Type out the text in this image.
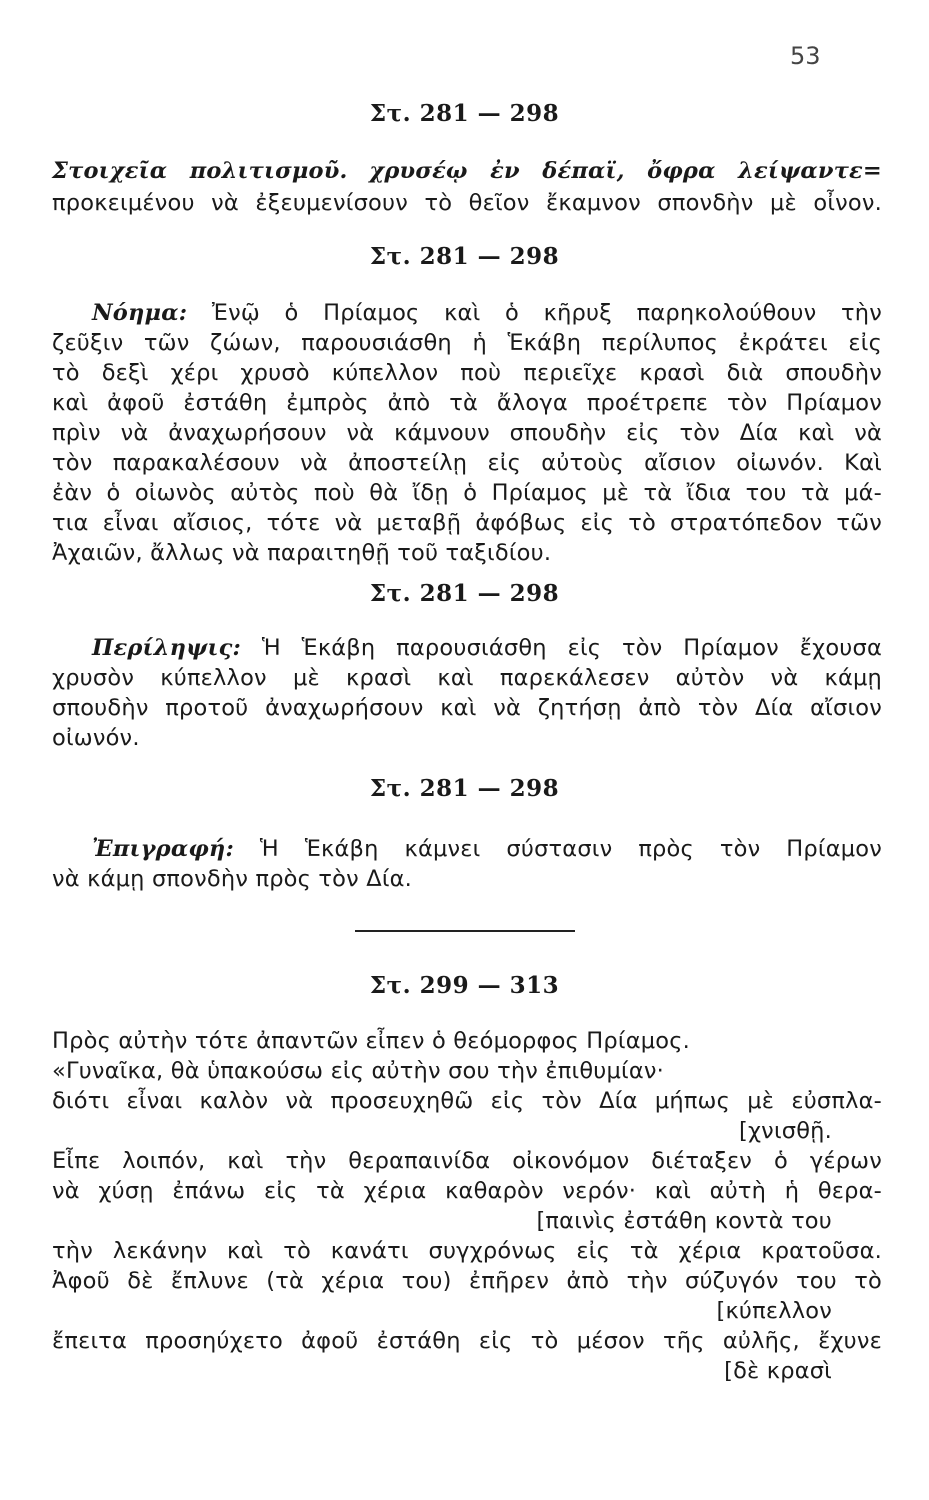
53
Στ. 281 — 298
Στοιχεῖα πολιτισμοῦ. χρυσέῳ ἐν δέπαϊ, ὄφρα λείψαντε=
προκειμένου νὰ ἐξευμενίσουν τὸ θεῖον ἔκαμνον σπονδὴν μὲ οἶνον.
Στ. 281 — 298
Νόημα: Ἐνῷ ὁ Πρίαμος καὶ ὁ κῆρυξ παρηκολούθουν τὴν
ζεῦξιν τῶν ζώων, παρουσιάσθη ἡ Ἑκάβη περίλυπος ἐκράτει εἰς
τὸ δεξὶ χέρι χρυσὸ κύπελλον ποὺ περιεῖχε κρασὶ διὰ σπουδὴν
καὶ ἀφοῦ ἐστάθη ἐμπρὸς ἀπὸ τὰ ἄλογα προέτρεπε τὸν Πρίαμον
πρὶν νὰ ἀναχωρήσουν νὰ κάμνουν σπουδὴν εἰς τὸν Δία καὶ νὰ
τὸν παρακαλέσουν νὰ ἀποστείλῃ εἰς αὐτοὺς αἴσιον οἰωνόν. Καὶ
ἐὰν ὁ οἰωνὸς αὐτὸς ποὺ θὰ ἴδῃ ὁ Πρίαμος μὲ τὰ ἴδια του τὰ μά-
τια εἶναι αἴσιος, τότε νὰ μεταβῇ ἀφόβως εἰς τὸ στρατόπεδον τῶν
Ἀχαιῶν, ἄλλως νὰ παραιτηθῇ τοῦ ταξιδίου.
Στ. 281 — 298
Περίληψις: Ἡ Ἑκάβη παρουσιάσθη εἰς τὸν Πρίαμον ἔχουσα
χρυσὸν κύπελλον μὲ κρασὶ καὶ παρεκάλεσεν αὐτὸν νὰ κάμῃ
σπουδὴν προτοῦ ἀναχωρήσουν καὶ νὰ ζητήσῃ ἀπὸ τὸν Δία αἴσιον
οἰωνόν.
Στ. 281 — 298
Ἐπιγραφή: Ἡ Ἑκάβη κάμνει σύστασιν πρὸς τὸν Πρίαμον
νὰ κάμῃ σπονδὴν πρὸς τὸν Δία.
Στ. 299 — 313
Πρὸς αὐτὴν τότε ἀπαντῶν εἶπεν ὁ θεόμορφος Πρίαμος.
«Γυναῖκα, θὰ ὑπακούσω εἰς αὐτὴν σου τὴν ἐπιθυμίαν·
διότι εἶναι καλὸν νὰ προσευχηθῶ εἰς τὸν Δία μήπως μὲ εὐσπλα-
[χνισθῇ.
Εἶπε λοιπόν, καὶ τὴν θεραπαινίδα οἰκονόμον διέταξεν ὁ γέρων
νὰ χύσῃ ἐπάνω εἰς τὰ χέρια καθαρὸν νερόν· καὶ αὐτὴ ἡ θερα-
[παινὶς ἐστάθη κοντὰ του
τὴν λεκάνην καὶ τὸ κανάτι συγχρόνως εἰς τὰ χέρια κρατοῦσα.
Ἀφοῦ δὲ ἔπλυνε (τὰ χέρια του) ἐπῆρεν ἀπὸ τὴν σύζυγόν του τὸ
[κύπελλον
ἔπειτα προσηύχετο ἀφοῦ ἐστάθη εἰς τὸ μέσον τῆς αὐλῆς, ἔχυνε
[δὲ κρασὶ
